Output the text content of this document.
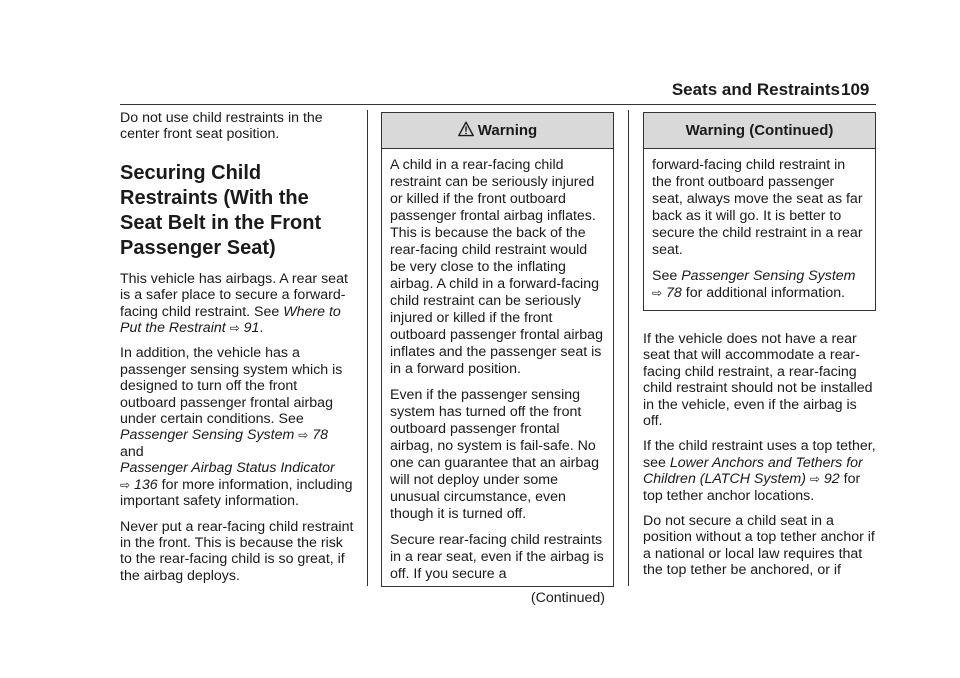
Seats and Restraints 109

Do not use child restraints in the center front seat position.

Securing Child Restraints (With the Seat Belt in the Front Passenger Seat)

This vehicle has airbags. A rear seat is a safer place to secure a forward-facing child restraint. See Where to Put the Restraint ⇨ 91.

In addition, the vehicle has a passenger sensing system which is designed to turn off the front outboard passenger frontal airbag under certain conditions. See
Passenger Sensing System ⇨ 78
and
Passenger Airbag Status Indicator
⇨ 136 for more information, including important safety information.

Never put a rear-facing child restraint in the front. This is because the risk to the rear-facing child is so great, if the airbag deploys.

Warning

A child in a rear-facing child restraint can be seriously injured or killed if the front outboard passenger frontal airbag inflates. This is because the back of the rear-facing child restraint would be very close to the inflating airbag. A child in a forward-facing child restraint can be seriously injured or killed if the front outboard passenger frontal airbag inflates and the passenger seat is in a forward position.

Even if the passenger sensing system has turned off the front outboard passenger frontal airbag, no system is fail-safe. No one can guarantee that an airbag will not deploy under some unusual circumstance, even though it is turned off.

Secure rear-facing child restraints in a rear seat, even if the airbag is off. If you secure a

(Continued)
Warning (Continued)

forward-facing child restraint in the front outboard passenger seat, always move the seat as far back as it will go. It is better to secure the child restraint in a rear seat.

See Passenger Sensing System
⇨ 78 for additional information.

If the vehicle does not have a rear seat that will accommodate a rear-facing child restraint, a rear-facing child restraint should not be installed in the vehicle, even if the airbag is off.

If the child restraint uses a top tether, see Lower Anchors and Tethers for Children (LATCH System) ⇨ 92 for top tether anchor locations.

Do not secure a child seat in a position without a top tether anchor if a national or local law requires that the top tether be anchored, or if
